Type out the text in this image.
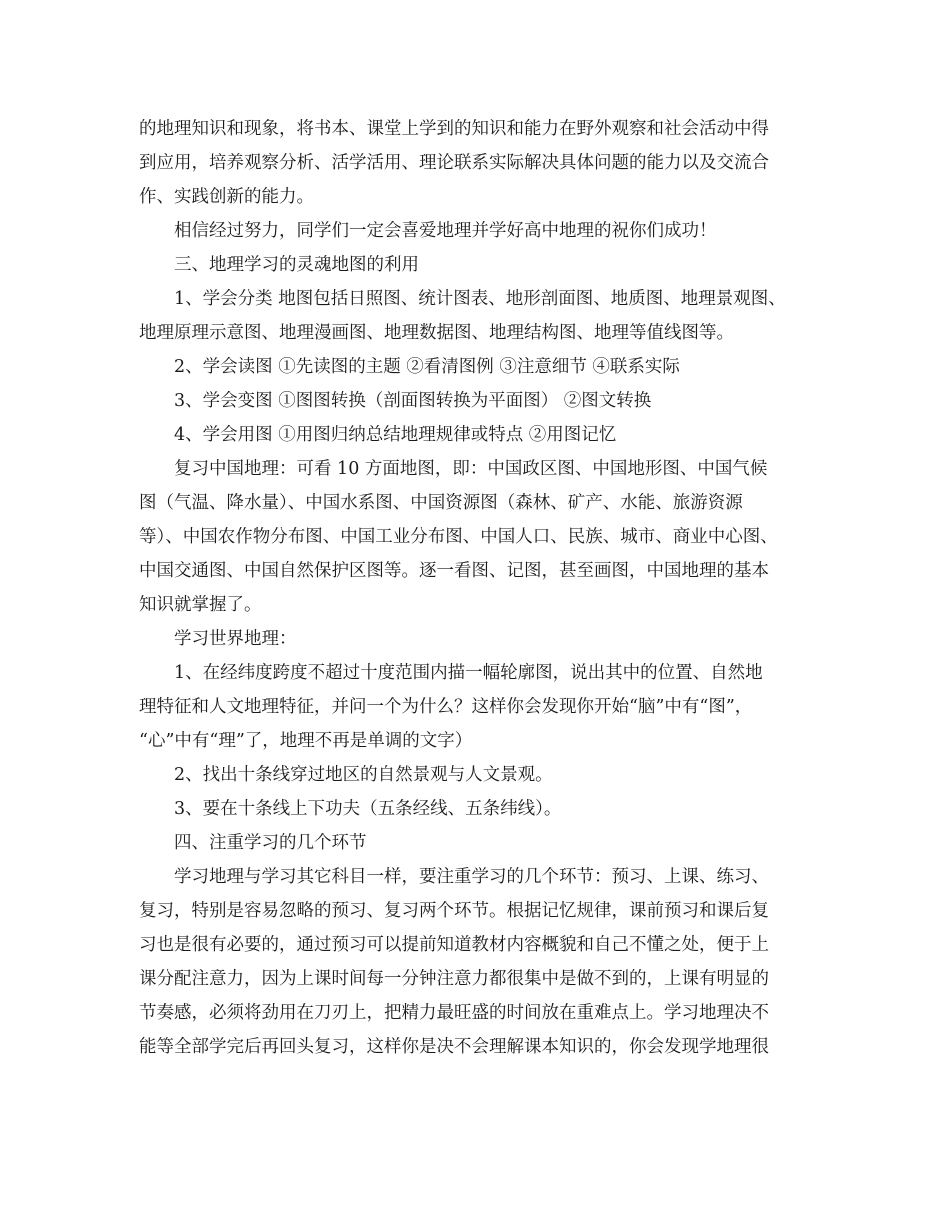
的地理知识和现象，将书本、课堂上学到的知识和能力在野外观察和社会活动中得
到应用，培养观察分析、活学活用、理论联系实际解决具体问题的能力以及交流合
作、实践创新的能力。
相信经过努力，同学们一定会喜爱地理并学好高中地理的祝你们成功！
三、地理学习的灵魂地图的利用
1、学会分类 地图包括日照图、统计图表、地形剖面图、地质图、地理景观图、
地理原理示意图、地理漫画图、地理数据图、地理结构图、地理等值线图等。
2、学会读图 ①先读图的主题 ②看清图例 ③注意细节 ④联系实际
3、学会变图 ①图图转换（剖面图转换为平面图） ②图文转换
4、学会用图 ①用图归纳总结地理规律或特点 ②用图记忆
复习中国地理：可看 10 方面地图，即：中国政区图、中国地形图、中国气候
图（气温、降水量）、中国水系图、中国资源图（森林、矿产、水能、旅游资源
等）、中国农作物分布图、中国工业分布图、中国人口、民族、城市、商业中心图、
中国交通图、中国自然保护区图等。逐一看图、记图，甚至画图，中国地理的基本
知识就掌握了。
学习世界地理：
1、在经纬度跨度不超过十度范围内描一幅轮廓图，说出其中的位置、自然地
理特征和人文地理特征，并问一个为什么？这样你会发现你开始“脑”中有“图”，
“心”中有“理”了，地理不再是单调的文字）
2、找出十条线穿过地区的自然景观与人文景观。
3、要在十条线上下功夫（五条经线、五条纬线）。
四、注重学习的几个环节
学习地理与学习其它科目一样，要注重学习的几个环节：预习、上课、练习、
复习，特别是容易忽略的预习、复习两个环节。根据记忆规律，课前预习和课后复
习也是很有必要的，通过预习可以提前知道教材内容概貌和自己不懂之处，便于上
课分配注意力，因为上课时间每一分钟注意力都很集中是做不到的，上课有明显的
节奏感，必须将劲用在刀刃上，把精力最旺盛的时间放在重难点上。学习地理决不
能等全部学完后再回头复习，这样你是决不会理解课本知识的，你会发现学地理很
